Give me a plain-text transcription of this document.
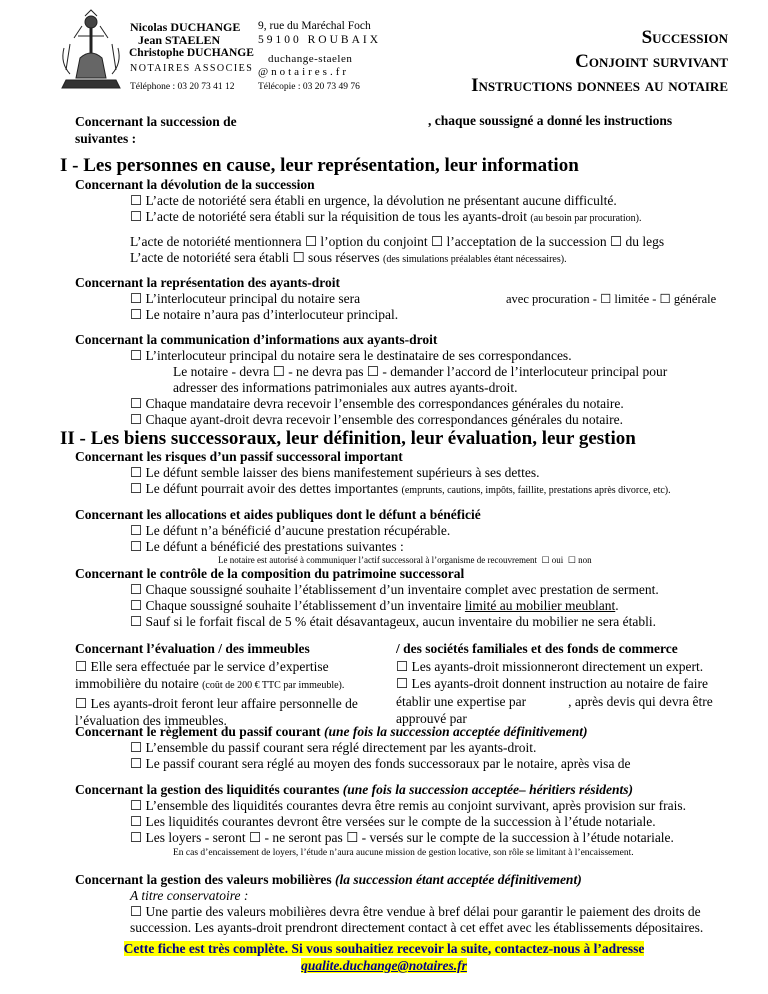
Nicolas DUCHANGE
Jean STAELEN
Christophe DUCHANGE
NOTAIRES ASSOCIES
Téléphone : 03 20 73 41 12
9, rue du Maréchal Foch
59100 ROUBAIX
duchange-staelen
@notaires.fr
Télécopie : 03 20 73 49 76
Succession
Conjoint survivant
Instructions donnees au notaire
Concernant la succession de
suivantes :
, chaque soussigné a donné les instructions
I - Les personnes en cause, leur représentation, leur information
Concernant la dévolution de la succession
☐ L’acte de notoriété sera établi en urgence, la dévolution ne présentant aucune difficulté.
☐ L’acte de notoriété sera établi sur la réquisition de tous les ayants-droit (au besoin par procuration).
L’acte de notoriété mentionnera ☐ l’option du conjoint ☐ l’acceptation de la succession ☐ du legs
L’acte de notoriété sera établi ☐ sous réserves (des simulations préalables étant nécessaires).
Concernant la représentation des ayants-droit
☐ L’interlocuteur principal du notaire sera	avec procuration - ☐ limitée - ☐ générale
☐ Le notaire n’aura pas d’interlocuteur principal.
Concernant la communication d’informations aux ayants-droit
☐ L’interlocuteur principal du notaire sera le destinataire de ses correspondances.
Le notaire - devra ☐ - ne devra pas ☐ - demander l’accord de l’interlocuteur principal pour
adresser des informations patrimoniales aux autres ayants-droit.
☐ Chaque mandataire devra recevoir l’ensemble des correspondances générales du notaire.
☐ Chaque ayant-droit devra recevoir l’ensemble des correspondances générales du notaire.
II - Les biens successoraux, leur définition, leur évaluation, leur gestion
Concernant les risques d’un passif successoral important
☐ Le défunt semble laisser des biens manifestement supérieurs à ses dettes.
☐ Le défunt pourrait avoir des dettes importantes (emprunts, cautions, impôts, faillite, prestations après divorce, etc).
Concernant les allocations et aides publiques dont le défunt a bénéficié
☐ Le défunt n’a bénéficié d’aucune prestation récupérable.
☐ Le défunt a bénéficié des prestations suivantes :
Le notaire est autorisé à communiquer l’actif successoral à l’organisme de recouvrement ☐ oui ☐ non
Concernant le contrôle de la composition du patrimoine successoral
☐ Chaque soussigné souhaite l’établissement d’un inventaire complet avec prestation de serment.
☐ Chaque soussigné souhaite l’établissement d’un inventaire limité au mobilier meublant.
☐ Sauf si le forfait fiscal de 5 % était désavantageux, aucun inventaire du mobilier ne sera établi.
Concernant l’évaluation / des immeubles
☐ Elle sera effectuée par le service d’expertise
immobilière du notaire (coût de 200 € TTC par immeuble).
☐ Les ayants-droit feront leur affaire personnelle de
l’évaluation des immeubles.
/ des sociétés familiales et des fonds de commerce
☐ Les ayants-droit missionneront directement un expert.
☐ Les ayants-droit donnent instruction au notaire de faire
établir une expertise par	, après devis qui devra être
approuvé par
Concernant le règlement du passif courant (une fois la succession acceptée définitivement)
☐ L’ensemble du passif courant sera réglé directement par les ayants-droit.
☐ Le passif courant sera réglé au moyen des fonds successoraux par le notaire, après visa de
Concernant la gestion des liquidités courantes (une fois la succession acceptée– héritiers résidents)
☐ L’ensemble des liquidités courantes devra être remis au conjoint survivant, après provision sur frais.
☐ Les liquidités courantes devront être versées sur le compte de la succession à l’étude notariale.
☐ Les loyers - seront ☐ - ne seront pas ☐ - versés sur le compte de la succession à l’étude notariale.
En cas d’encaissement de loyers, l’étude n’aura aucune mission de gestion locative, son rôle se limitant à l’encaissement.
Concernant la gestion des valeurs mobilières (la succession étant acceptée définitivement)
A titre conservatoire :
☐ Une partie des valeurs mobilières devra être vendue à bref délai pour garantir le paiement des droits de
succession. Les ayants-droit prendront directement contact à cet effet avec les établissements dépositaires.
Cette fiche est très complète. Si vous souhaitiez recevoir la suite, contactez-nous à l’adresse
qualite.duchange@notaires.fr
